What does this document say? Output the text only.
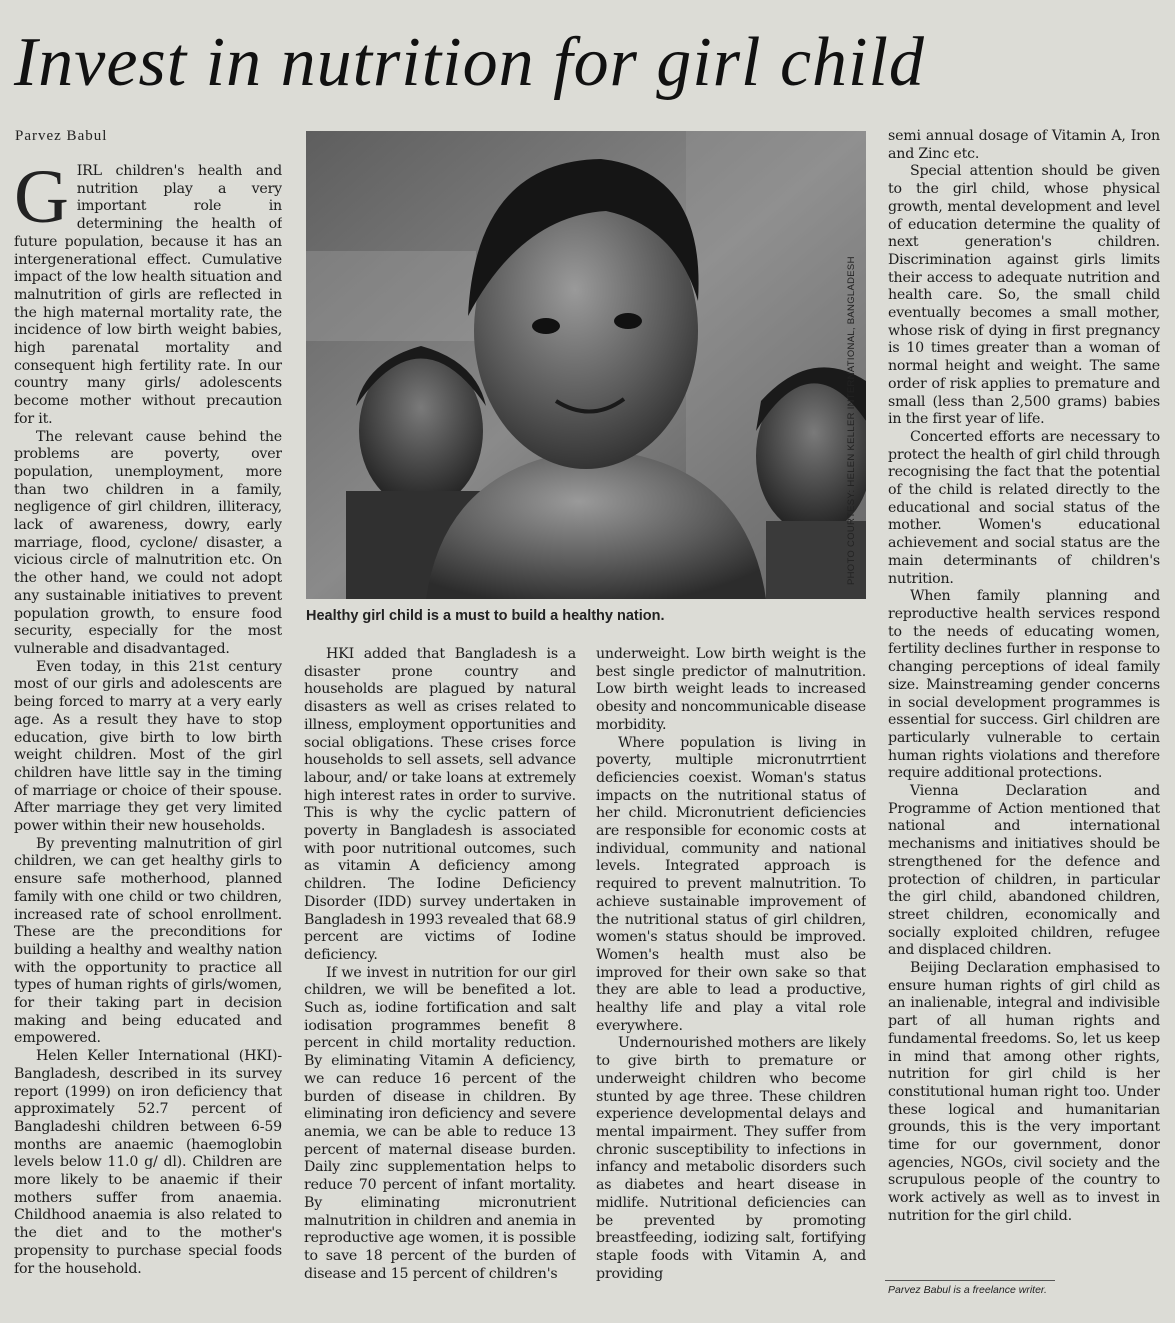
Invest in nutrition for girl child
Parvez Babul

GIRL children's health and nutrition play a very important role in determining the health of future population, because it has an intergenerational effect. Cumulative impact of the low health situation and malnutrition of girls are reflected in the high maternal mortality rate, the incidence of low birth weight babies, high parenatal mortality and consequent high fertility rate. In our country many girls/ adolescents become mother without precaution for it.

The relevant cause behind the problems are poverty, over population, unemployment, more than two children in a family, negligence of girl children, illiteracy, lack of awareness, dowry, early marriage, flood, cyclone/ disaster, a vicious circle of malnutrition etc. On the other hand, we could not adopt any sustainable initiatives to prevent population growth, to ensure food security, especially for the most vulnerable and disadvantaged.

Even today, in this 21st century most of our girls and adolescents are being forced to marry at a very early age. As a result they have to stop education, give birth to low birth weight children. Most of the girl children have little say in the timing of marriage or choice of their spouse. After marriage they get very limited power within their new households.

By preventing malnutrition of girl children, we can get healthy girls to ensure safe motherhood, planned family with one child or two children, increased rate of school enrollment. These are the preconditions for building a healthy and wealthy nation with the opportunity to practice all types of human rights of girls/women, for their taking part in decision making and being educated and empowered.

Helen Keller International (HKI)-Bangladesh, described in its survey report (1999) on iron deficiency that approximately 52.7 percent of Bangladeshi children between 6-59 months are anaemic (haemoglobin levels below 11.0 g/ dl). Children are more likely to be anaemic if their mothers suffer from anaemia. Childhood anaemia is also related to the diet and to the mother's propensity to purchase special foods for the household.

PHOTO COURTESY: HELEN KELLER INTERNATIONAL, BANGLADESH
Healthy girl child is a must to build a healthy nation.

HKI added that Bangladesh is a disaster prone country and households are plagued by natural disasters as well as crises related to illness, employment opportunities and social obligations. These crises force households to sell assets, sell advance labour, and/ or take loans at extremely high interest rates in order to survive. This is why the cyclic pattern of poverty in Bangladesh is associated with poor nutritional outcomes, such as vitamin A deficiency among children. The Iodine Deficiency Disorder (IDD) survey undertaken in Bangladesh in 1993 revealed that 68.9 percent are victims of Iodine deficiency.

If we invest in nutrition for our girl children, we will be benefited a lot. Such as, iodine fortification and salt iodisation programmes benefit 8 percent in child mortality reduction. By eliminating Vitamin A deficiency, we can reduce 16 percent of the burden of disease in children. By eliminating iron deficiency and severe anemia, we can be able to reduce 13 percent of maternal disease burden. Daily zinc supplementation helps to reduce 70 percent of infant mortality. By eliminating micronutrient malnutrition in children and anemia in reproductive age women, it is possible to save 18 percent of the burden of disease and 15 percent of children's

underweight. Low birth weight is the best single predictor of malnutrition. Low birth weight leads to increased obesity and noncommunicable disease morbidity.

Where population is living in poverty, multiple micronutrrtient deficiencies coexist. Woman's status impacts on the nutritional status of her child. Micronutrient deficiencies are responsible for economic costs at individual, community and national levels. Integrated approach is required to prevent malnutrition. To achieve sustainable improvement of the nutritional status of girl children, women's status should be improved. Women's health must also be improved for their own sake so that they are able to lead a productive, healthy life and play a vital role everywhere.

Undernourished mothers are likely to give birth to premature or underweight children who become stunted by age three. These children experience developmental delays and mental impairment. They suffer from chronic susceptibility to infections in infancy and metabolic disorders such as diabetes and heart disease in midlife. Nutritional deficiencies can be prevented by promoting breastfeeding, iodizing salt, fortifying staple foods with Vitamin A, and providing

semi annual dosage of Vitamin A, Iron and Zinc etc.

Special attention should be given to the girl child, whose physical growth, mental development and level of education determine the quality of next generation's children. Discrimination against girls limits their access to adequate nutrition and health care. So, the small child eventually becomes a small mother, whose risk of dying in first pregnancy is 10 times greater than a woman of normal height and weight. The same order of risk applies to premature and small (less than 2,500 grams) babies in the first year of life.

Concerted efforts are necessary to protect the health of girl child through recognising the fact that the potential of the child is related directly to the educational and social status of the mother. Women's educational achievement and social status are the main determinants of children's nutrition.

When family planning and reproductive health services respond to the needs of educating women, fertility declines further in response to changing perceptions of ideal family size. Mainstreaming gender concerns in social development programmes is essential for success. Girl children are particularly vulnerable to certain human rights violations and therefore require additional protections.

Vienna Declaration and Programme of Action mentioned that national and international mechanisms and initiatives should be strengthened for the defence and protection of children, in particular the girl child, abandoned children, street children, economically and socially exploited children, refugee and displaced children.

Beijing Declaration emphasised to ensure human rights of girl child as an inalienable, integral and indivisible part of all human rights and fundamental freedoms. So, let us keep in mind that among other rights, nutrition for girl child is her constitutional human right too. Under these logical and humanitarian grounds, this is the very important time for our government, donor agencies, NGOs, civil society and the scrupulous people of the country to work actively as well as to invest in nutrition for the girl child.

Parvez Babul is a freelance writer.
